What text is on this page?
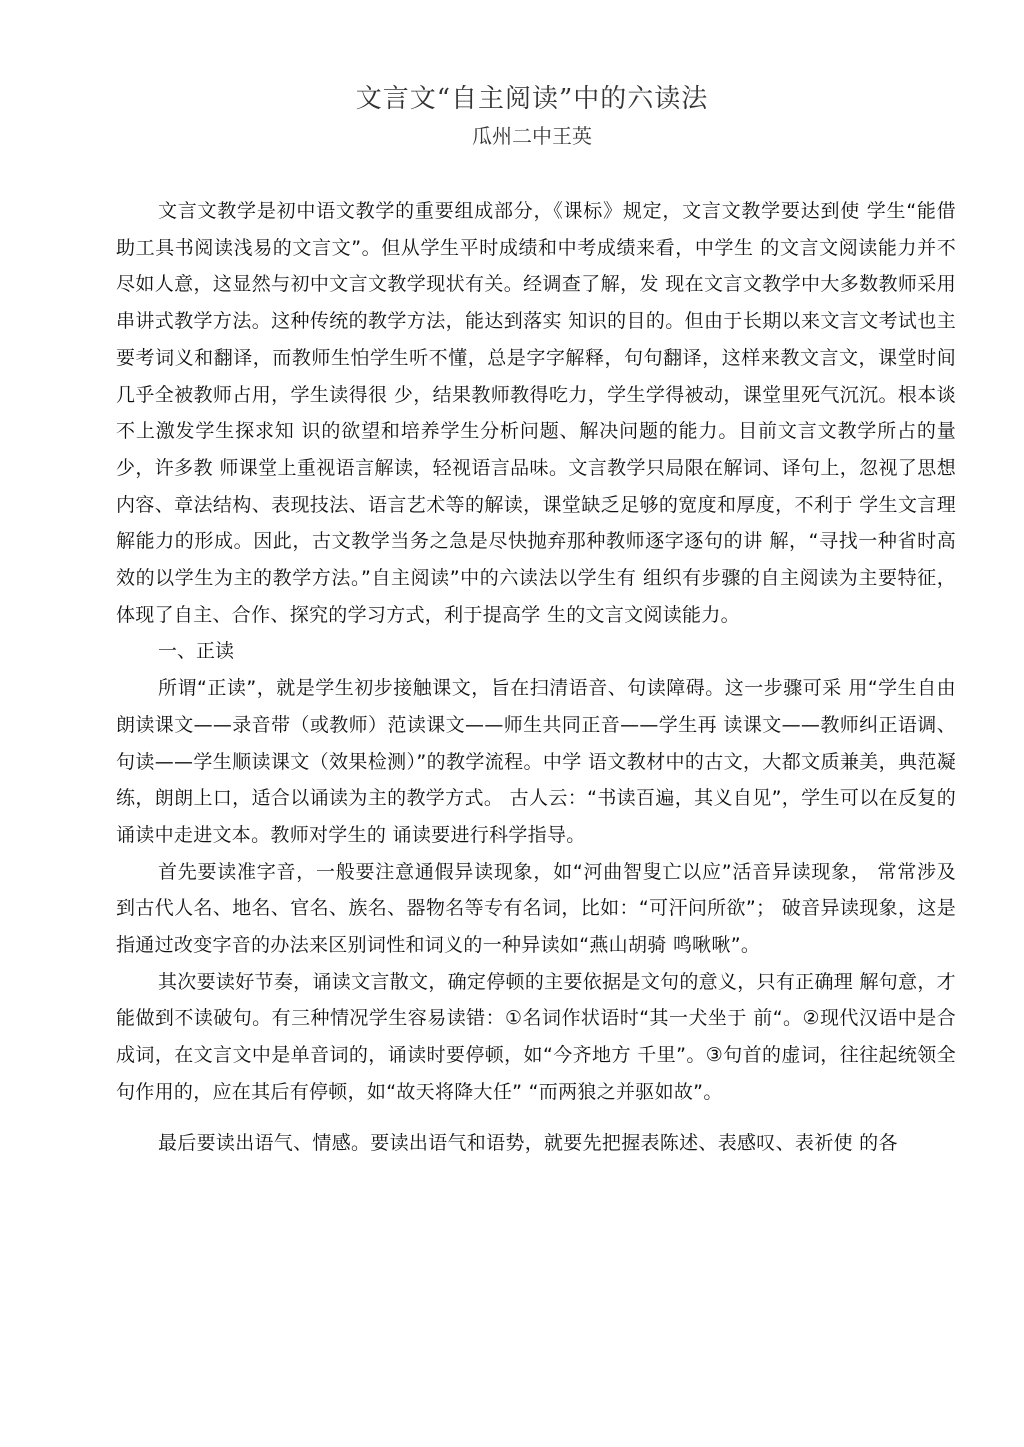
文言文“自主阅读”中的六读法

瓜州二中王英

文言文教学是初中语文教学的重要组成部分，《课标》规定，文言文教学要达到使 学生“能借助工具书阅读浅易的文言文”。但从学生平时成绩和中考成绩来看，中学生 的文言文阅读能力并不尽如人意，这显然与初中文言文教学现状有关。经调查了解，发 现在文言文教学中大多数教师采用串讲式教学方法。这种传统的教学方法，能达到落实 知识的目的。但由于长期以来文言文考试也主要考词义和翻译，而教师生怕学生听不懂，总是字字解释，句句翻译，这样来教文言文，课堂时间几乎全被教师占用，学生读得很 少，结果教师教得吃力，学生学得被动，课堂里死气沉沉。根本谈不上激发学生探求知 识的欲望和培养学生分析问题、解决问题的能力。目前文言文教学所占的量少，许多教 师课堂上重视语言解读，轻视语言品味。文言教学只局限在解词、译句上，忽视了思想 内容、章法结构、表现技法、语言艺术等的解读，课堂缺乏足够的宽度和厚度，不利于 学生文言理解能力的形成。因此，古文教学当务之急是尽快抛弃那种教师逐字逐句的讲 解，“寻找一种省时高效的以学生为主的教学方法。”自主阅读”中的六读法以学生有 组织有步骤的自主阅读为主要特征，体现了自主、合作、探究的学习方式，利于提高学 生的文言文阅读能力。

一、正读

所谓“正读”，就是学生初步接触课文，旨在扫清语音、句读障碍。这一步骤可采 用“学生自由朗读课文——录音带（或教师）范读课文——师生共同正音——学生再 读课文——教师纠正语调、句读——学生顺读课文（效果检测）”的教学流程。中学 语文教材中的古文，大都文质兼美，典范凝练，朗朗上口，适合以诵读为主的教学方式。 古人云：“书读百遍，其义自见”，学生可以在反复的诵读中走进文本。教师对学生的 诵读要进行科学指导。

首先要读准字音，一般要注意通假异读现象，如“河曲智叟亡以应”活音异读现象， 常常涉及到古代人名、地名、官名、族名、器物名等专有名词，比如：“可汗问所欲”； 破音异读现象，这是指通过改变字音的办法来区别词性和词义的一种异读如“燕山胡骑 鸣啾啾”。

其次要读好节奏，诵读文言散文，确定停顿的主要依据是文句的意义，只有正确理 解句意，才能做到不读破句。有三种情况学生容易读错：①名词作状语时“其一犬坐于 前“。②现代汉语中是合成词，在文言文中是单音词的，诵读时要停顿，如“今齐地方 千里”。③句首的虚词，往往起统领全句作用的，应在其后有停顿，如“故天将降大任” “而两狼之并驱如故”。

最后要读出语气、情感。要读出语气和语势，就要先把握表陈述、表感叹、表祈使 的各
